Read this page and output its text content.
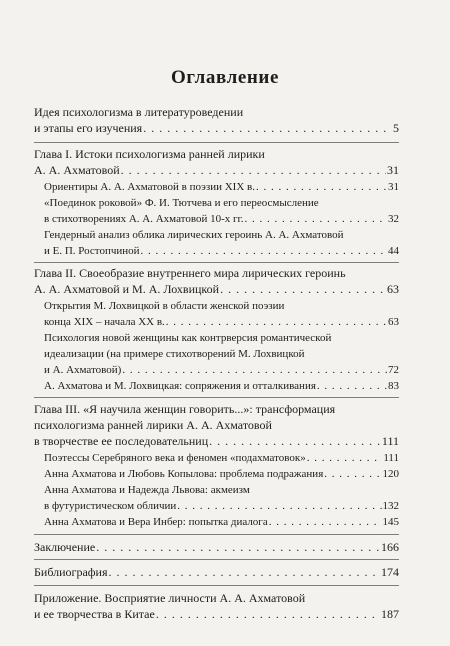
Оглавление
Идея психологизма в литературоведении
и этапы его изучения . . .	5
Глава I. Истоки психологизма ранней лирики
А. А. Ахматовой . . .	31
Ориентиры А. А. Ахматовой в поэзии XIX в. . . .	31
«Поединок роковой» Ф. И. Тютчева и его переосмысление
в стихотворениях А. А. Ахматовой 10-х гг. . . .	32
Гендерный анализ облика лирических героинь А. А. Ахматовой
и Е. П. Ростопчиной . . .	44
Глава II. Своеобразие внутреннего мира лирических героинь
А. А. Ахматовой и М. А. Лохвицкой . . .	63
Открытия М. Лохвицкой в области женской поэзии
конца XIX – начала XX в. . . .	63
Психология новой женщины как контрверсия романтической
идеализации (на примере стихотворений М. Лохвицкой
и А. Ахматовой) . . .	72
А. Ахматова и М. Лохвицкая: сопряжения и отталкивания . . .	83
Глава III. «Я научила женщин говорить...»: трансформация
психологизма ранней лирики А. А. Ахматовой
в творчестве ее последовательниц . . .	111
Поэтессы Серебряного века и феномен «подахматовок» . . .	111
Анна Ахматова и Любовь Копылова: проблема подражания . . .	120
Анна Ахматова и Надежда Львова: акмеизм
в футуристическом обличии . . .	132
Анна Ахматова и Вера Инбер: попытка диалога . . .	145
Заключение . . .	166
Библиография . . .	174
Приложение. Восприятие личности А. А. Ахматовой
и ее творчества в Китае . . .	187
